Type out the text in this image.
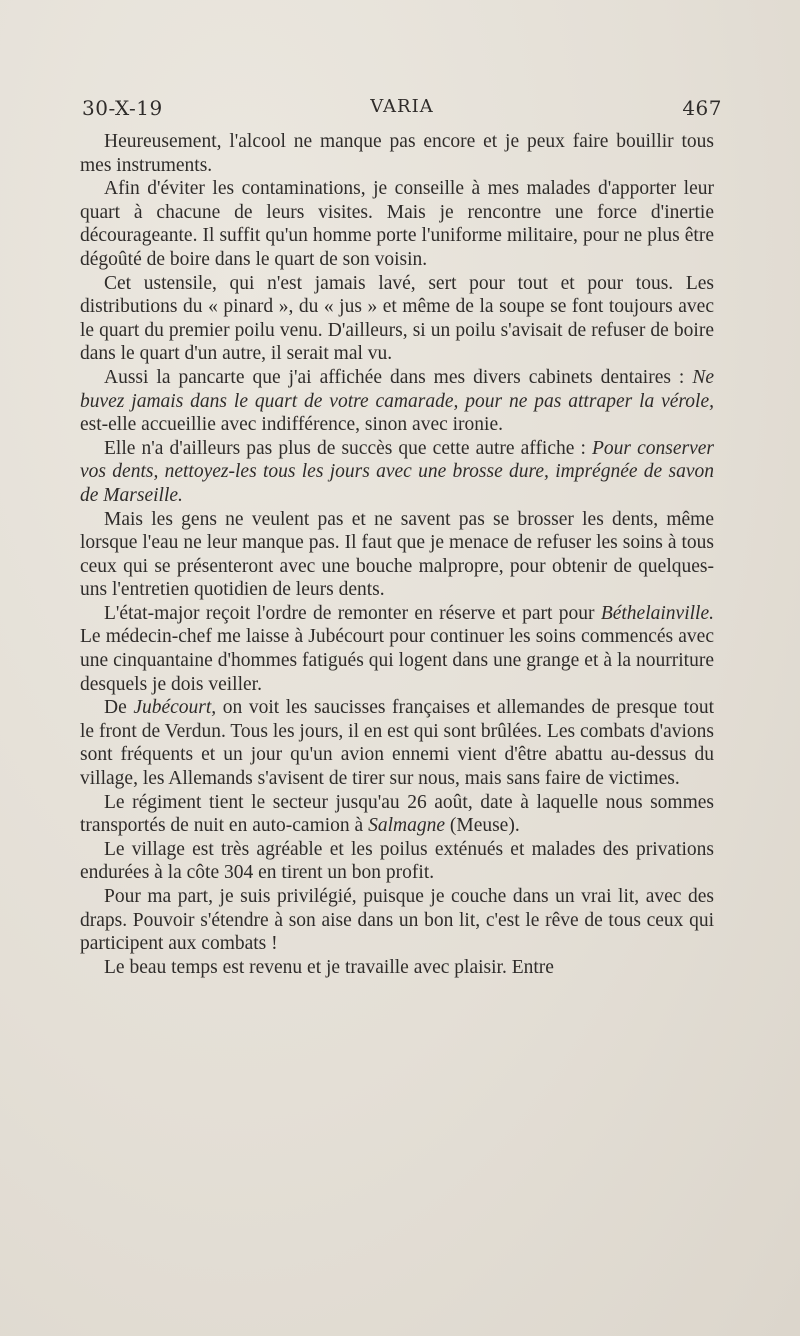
30-X-19	VARIA	467

Heureusement, l'alcool ne manque pas encore et je peux faire bouillir tous mes instruments.

Afin d'éviter les contaminations, je conseille à mes malades d'apporter leur quart à chacune de leurs visites. Mais je rencontre une force d'inertie décourageante. Il suffit qu'un homme porte l'uniforme militaire, pour ne plus être dégoûté de boire dans le quart de son voisin.

Cet ustensile, qui n'est jamais lavé, sert pour tout et pour tous. Les distributions du « pinard », du « jus » et même de la soupe se font toujours avec le quart du premier poilu venu. D'ailleurs, si un poilu s'avisait de refuser de boire dans le quart d'un autre, il serait mal vu.

Aussi la pancarte que j'ai affichée dans mes divers cabinets dentaires : Ne buvez jamais dans le quart de votre camarade, pour ne pas attraper la vérole, est-elle accueillie avec indifférence, sinon avec ironie.

Elle n'a d'ailleurs pas plus de succès que cette autre affiche : Pour conserver vos dents, nettoyez-les tous les jours avec une brosse dure, imprégnée de savon de Marseille.

Mais les gens ne veulent pas et ne savent pas se brosser les dents, même lorsque l'eau ne leur manque pas. Il faut que je menace de refuser les soins à tous ceux qui se présenteront avec une bouche malpropre, pour obtenir de quelques-uns l'entretien quotidien de leurs dents.

L'état-major reçoit l'ordre de remonter en réserve et part pour Béthelainville. Le médecin-chef me laisse à Jubécourt pour continuer les soins commencés avec une cinquantaine d'hommes fatigués qui logent dans une grange et à la nourriture desquels je dois veiller.

De Jubécourt, on voit les saucisses françaises et allemandes de presque tout le front de Verdun. Tous les jours, il en est qui sont brûlées. Les combats d'avions sont fréquents et un jour qu'un avion ennemi vient d'être abattu au-dessus du village, les Allemands s'avisent de tirer sur nous, mais sans faire de victimes.

Le régiment tient le secteur jusqu'au 26 août, date à laquelle nous sommes transportés de nuit en auto-camion à Salmagne (Meuse).

Le village est très agréable et les poilus exténués et malades des privations endurées à la côte 304 en tirent un bon profit.

Pour ma part, je suis privilégié, puisque je couche dans un vrai lit, avec des draps. Pouvoir s'étendre à son aise dans un bon lit, c'est le rêve de tous ceux qui participent aux combats !

Le beau temps est revenu et je travaille avec plaisir. Entre
